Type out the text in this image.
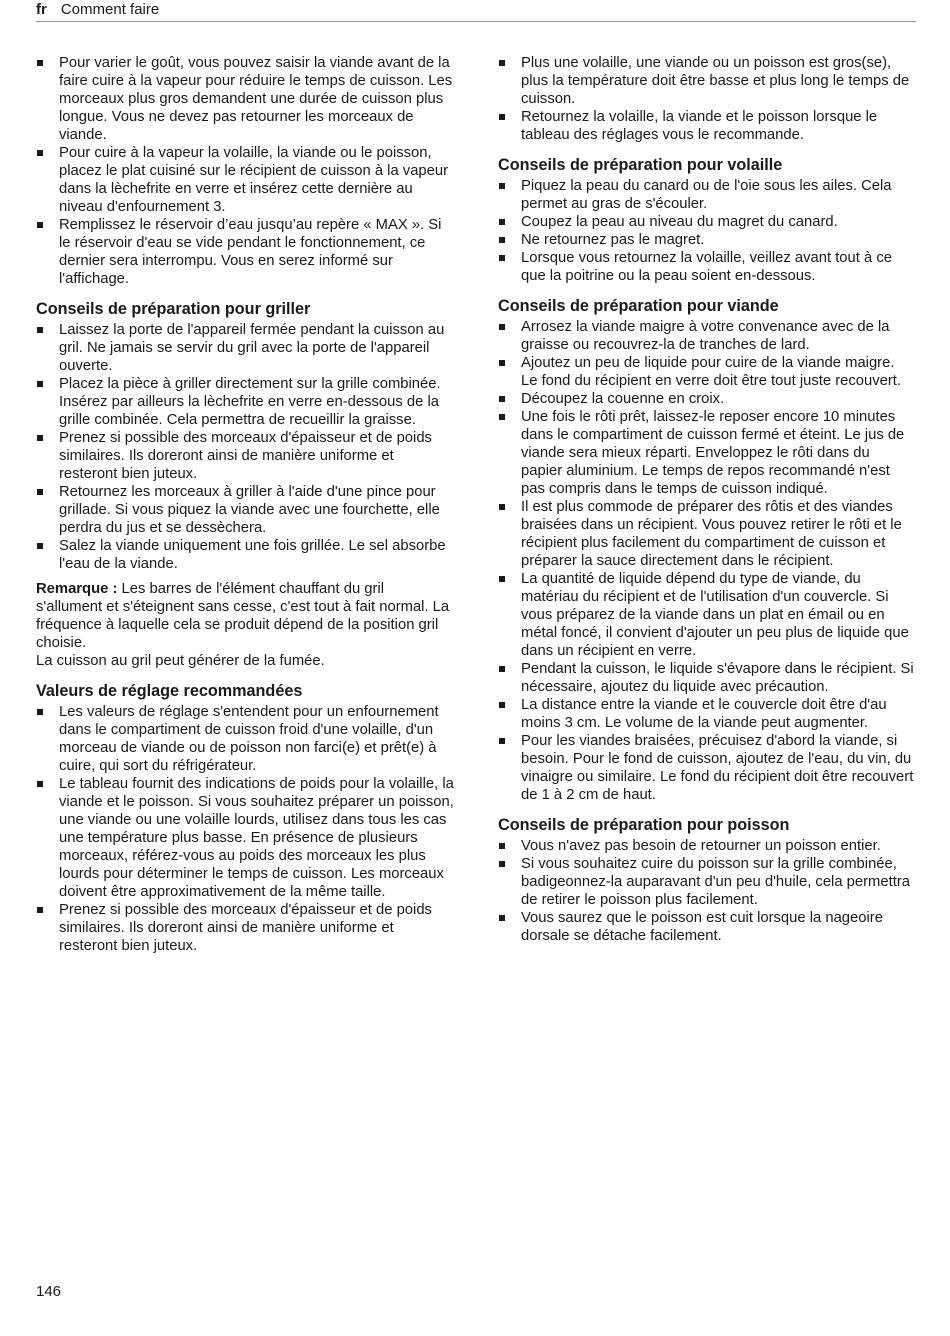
fr Comment faire
Pour varier le goût, vous pouvez saisir la viande avant de la faire cuire à la vapeur pour réduire le temps de cuisson. Les morceaux plus gros demandent une durée de cuisson plus longue. Vous ne devez pas retourner les morceaux de viande.
Pour cuire à la vapeur la volaille, la viande ou le poisson, placez le plat cuisiné sur le récipient de cuisson à la vapeur dans la lèchefrite en verre et insérez cette dernière au niveau d'enfournement 3.
Remplissez le réservoir d’eau jusqu’au repère « MAX ». Si le réservoir d'eau se vide pendant le fonctionnement, ce dernier sera interrompu. Vous en serez informé sur l'affichage.
Conseils de préparation pour griller
Laissez la porte de l'appareil fermée pendant la cuisson au gril. Ne jamais se servir du gril avec la porte de l'appareil ouverte.
Placez la pièce à griller directement sur la grille combinée. Insérez par ailleurs la lèchefrite en verre en-dessous de la grille combinée. Cela permettra de recueillir la graisse.
Prenez si possible des morceaux d'épaisseur et de poids similaires. Ils doreront ainsi de manière uniforme et resteront bien juteux.
Retournez les morceaux à griller à l'aide d'une pince pour grillade. Si vous piquez la viande avec une fourchette, elle perdra du jus et se dessèchera.
Salez la viande uniquement une fois grillée. Le sel absorbe l'eau de la viande.

Remarque : Les barres de l'élément chauffant du gril s'allument et s'éteignent sans cesse, c'est tout à fait normal. La fréquence à laquelle cela se produit dépend de la position gril choisie.

La cuisson au gril peut générer de la fumée.

Valeurs de réglage recommandées
Les valeurs de réglage s'entendent pour un enfournement dans le compartiment de cuisson froid d'une volaille, d'un morceau de viande ou de poisson non farci(e) et prêt(e) à cuire, qui sort du réfrigérateur.
Le tableau fournit des indications de poids pour la volaille, la viande et le poisson. Si vous souhaitez préparer un poisson, une viande ou une volaille lourds, utilisez dans tous les cas une température plus basse. En présence de plusieurs morceaux, référez-vous au poids des morceaux les plus lourds pour déterminer le temps de cuisson. Les morceaux doivent être approximativement de la même taille.
Prenez si possible des morceaux d'épaisseur et de poids similaires. Ils doreront ainsi de manière uniforme et resteront bien juteux.
Plus une volaille, une viande ou un poisson est gros(se), plus la température doit être basse et plus long le temps de cuisson.
Retournez la volaille, la viande et le poisson lorsque le tableau des réglages vous le recommande.
Conseils de préparation pour volaille
Piquez la peau du canard ou de l'oie sous les ailes. Cela permet au gras de s'écouler.
Coupez la peau au niveau du magret du canard.
Ne retournez pas le magret.
Lorsque vous retournez la volaille, veillez avant tout à ce que la poitrine ou la peau soient en-dessous.
Conseils de préparation pour viande
Arrosez la viande maigre à votre convenance avec de la graisse ou recouvrez-la de tranches de lard.
Ajoutez un peu de liquide pour cuire de la viande maigre. Le fond du récipient en verre doit être tout juste recouvert.
Découpez la couenne en croix.
Une fois le rôti prêt, laissez-le reposer encore 10 minutes dans le compartiment de cuisson fermé et éteint. Le jus de viande sera mieux réparti. Enveloppez le rôti dans du papier aluminium. Le temps de repos recommandé n'est pas compris dans le temps de cuisson indiqué.
Il est plus commode de préparer des rôtis et des viandes braisées dans un récipient. Vous pouvez retirer le rôti et le récipient plus facilement du compartiment de cuisson et préparer la sauce directement dans le récipient.
La quantité de liquide dépend du type de viande, du matériau du récipient et de l'utilisation d'un couvercle. Si vous préparez de la viande dans un plat en émail ou en métal foncé, il convient d'ajouter un peu plus de liquide que dans un récipient en verre.
Pendant la cuisson, le liquide s'évapore dans le récipient. Si nécessaire, ajoutez du liquide avec précaution.
La distance entre la viande et le couvercle doit être d'au moins 3 cm. Le volume de la viande peut augmenter.
Pour les viandes braisées, précuisez d'abord la viande, si besoin. Pour le fond de cuisson, ajoutez de l'eau, du vin, du vinaigre ou similaire. Le fond du récipient doit être recouvert de 1 à 2 cm de haut.
Conseils de préparation pour poisson
Vous n'avez pas besoin de retourner un poisson entier.
Si vous souhaitez cuire du poisson sur la grille combinée, badigeonnez-la auparavant d'un peu d'huile, cela permettra de retirer le poisson plus facilement.
Vous saurez que le poisson est cuit lorsque la nageoire dorsale se détache facilement.
146
